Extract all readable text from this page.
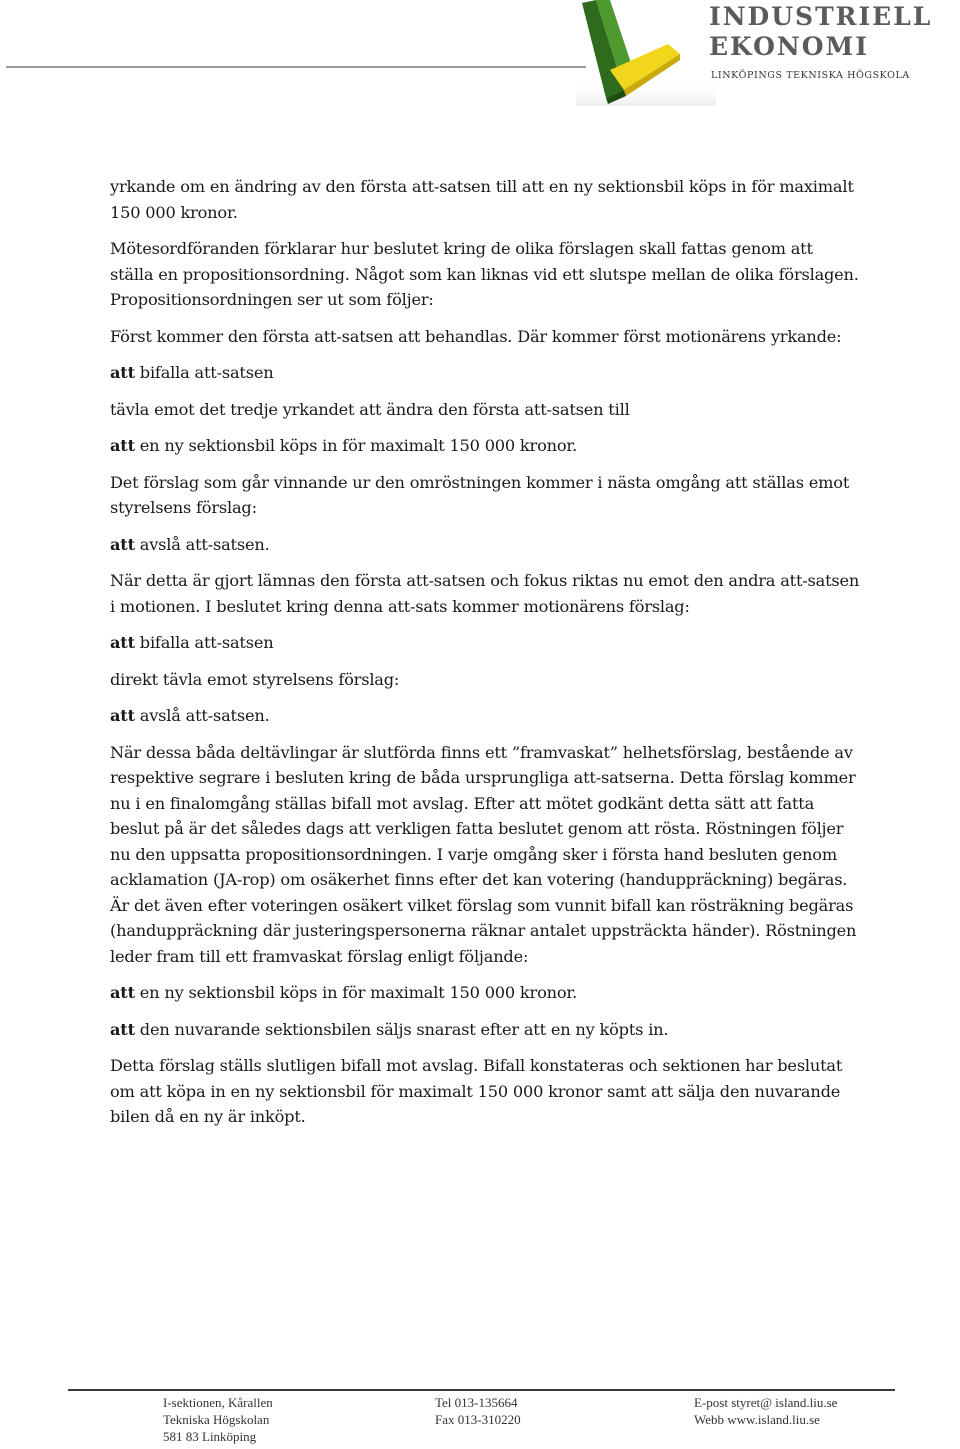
INDUSTRIELL
EKONOMI
LINKÖPINGS TEKNISKA HÖGSKOLA

yrkande om en ändring av den första att-satsen till att en ny sektionsbil köps in för maximalt 150 000 kronor.

Mötesordföranden förklarar hur beslutet kring de olika förslagen skall fattas genom att ställa en propositionsordning. Något som kan liknas vid ett slutspe mellan de olika förslagen. Propositionsordningen ser ut som följer:

Först kommer den första att-satsen att behandlas. Där kommer först motionärens yrkande:

att bifalla att-satsen

tävla emot det tredje yrkandet att ändra den första att-satsen till

att en ny sektionsbil köps in för maximalt 150 000 kronor.

Det förslag som går vinnande ur den omröstningen kommer i nästa omgång att ställas emot styrelsens förslag:

att avslå att-satsen.

När detta är gjort lämnas den första att-satsen och fokus riktas nu emot den andra att-satsen i motionen. I beslutet kring denna att-sats kommer motionärens förslag:

att bifalla att-satsen

direkt tävla emot styrelsens förslag:

att avslå att-satsen.

När dessa båda deltävlingar är slutförda finns ett ”framvaskat” helhetsförslag, bestående av respektive segrare i besluten kring de båda ursprungliga att-satserna. Detta förslag kommer nu i en finalomgång ställas bifall mot avslag. Efter att mötet godkänt detta sätt att fatta beslut på är det således dags att verkligen fatta beslutet genom att rösta. Röstningen följer nu den uppsatta propositionsordningen. I varje omgång sker i första hand besluten genom acklamation (JA-rop) om osäkerhet finns efter det kan votering (handuppräckning) begäras. Är det även efter voteringen osäkert vilket förslag som vunnit bifall kan rösträkning begäras (handuppräckning där justeringspersonerna räknar antalet uppsträckta händer). Röstningen leder fram till ett framvaskat förslag enligt följande:

att en ny sektionsbil köps in för maximalt 150 000 kronor.

att den nuvarande sektionsbilen säljs snarast efter att en ny köpts in.

Detta förslag ställs slutligen bifall mot avslag. Bifall konstateras och sektionen har beslutat om att köpa in en ny sektionsbil för maximalt 150 000 kronor samt att sälja den nuvarande bilen då en ny är inköpt.

I-sektionen, Kårallen
Tekniska Högskolan
581 83 Linköping
Tel 013-135664
Fax 013-310220
E-post styret@ island.liu.se
Webb www.island.liu.se
